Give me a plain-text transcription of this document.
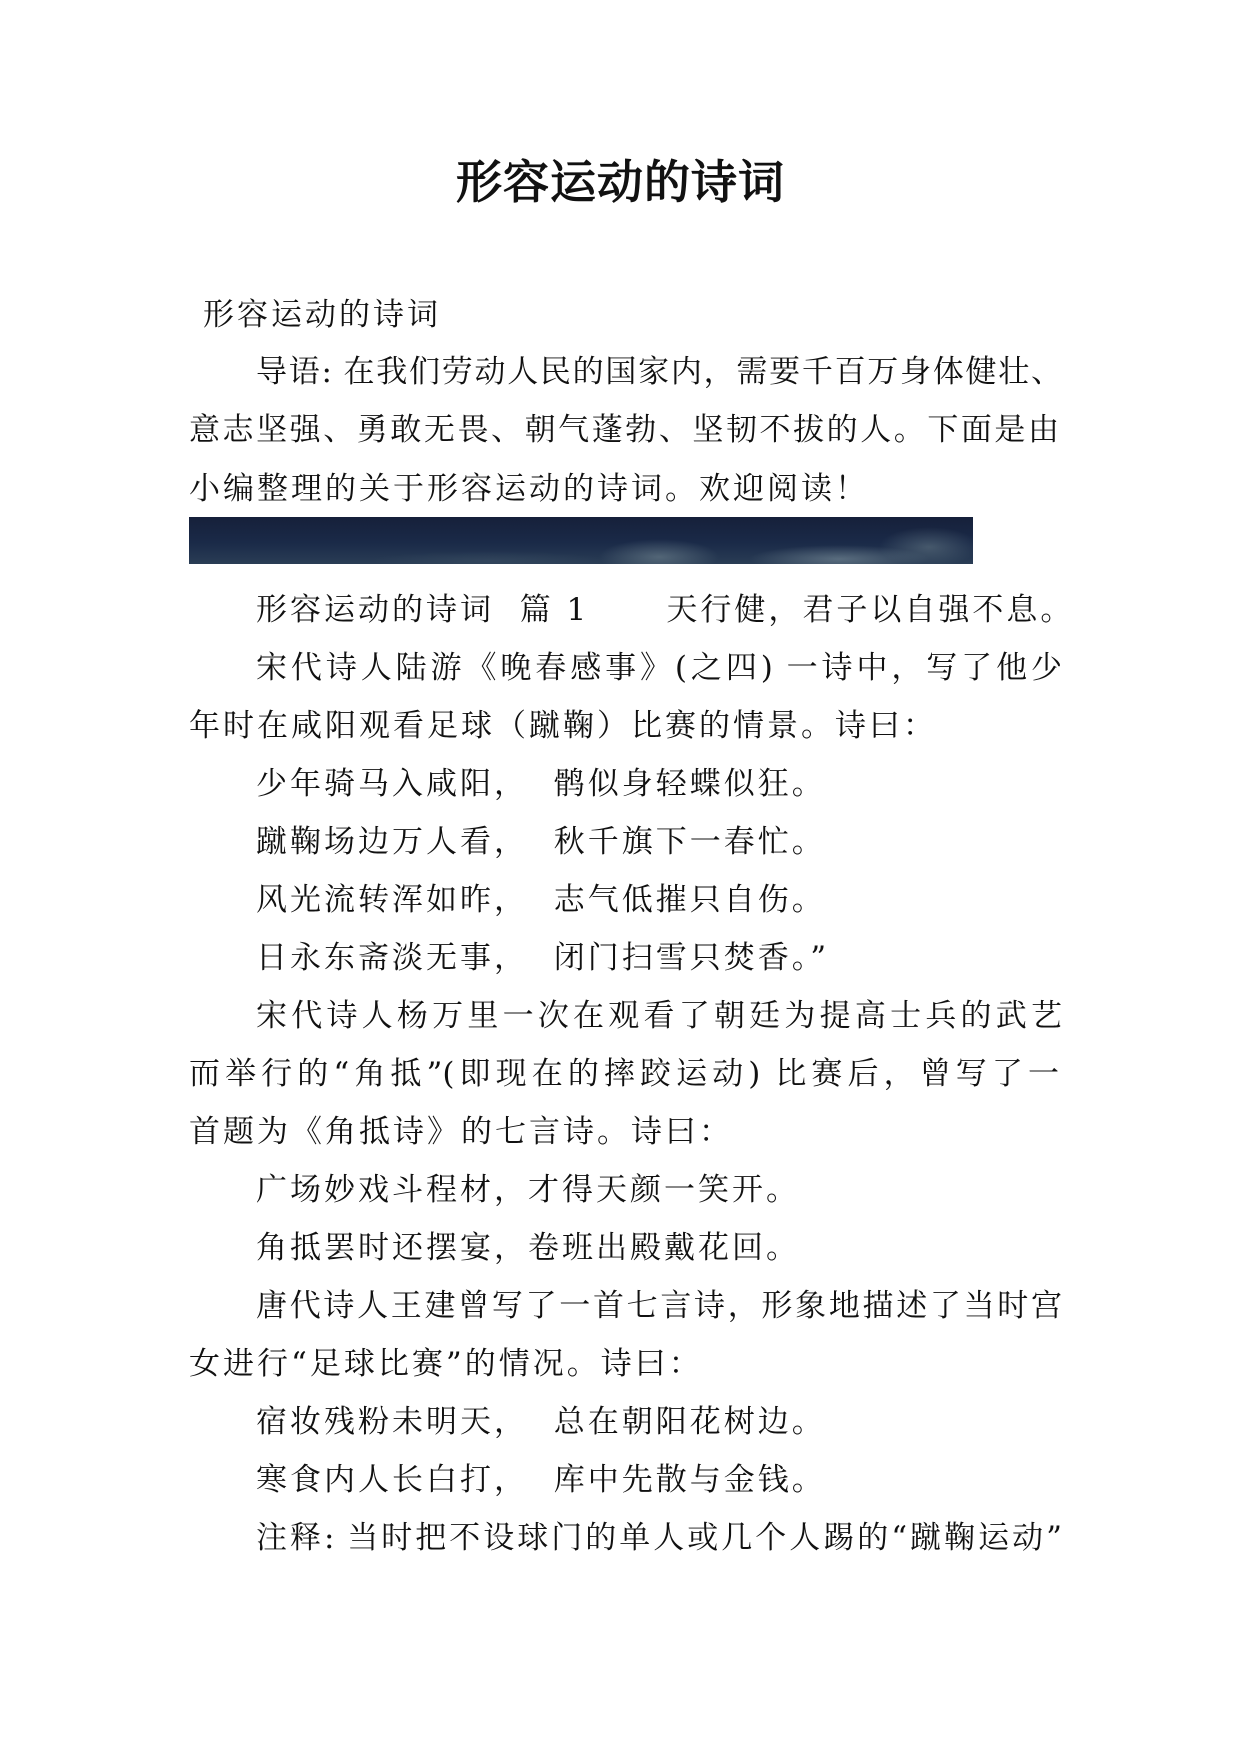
形容运动的诗词
形容运动的诗词
导语: 在我们劳动人民的国家内，需要千百万身体健壮、
意志坚强、勇敢无畏、朝气蓬勃、坚韧不拔的人。下面是由
小编整理的关于形容运动的诗词。欢迎阅读！
形容运动的诗词  篇 1      天行健，君子以自强不息。
宋代诗人陆游《晚春感事》(之四) 一诗中，写了他少
年时在咸阳观看足球（蹴鞠）比赛的情景。诗曰：
少年骑马入咸阳，  鹘似身轻蝶似狂。
蹴鞠场边万人看，  秋千旗下一春忙。
风光流转浑如昨，  志气低摧只自伤。
日永东斋淡无事，  闭门扫雪只焚香。”
宋代诗人杨万里一次在观看了朝廷为提高士兵的武艺
而举行的“角抵”(即现在的摔跤运动) 比赛后，曾写了一
首题为《角抵诗》的七言诗。诗曰：
广场妙戏斗程材，才得天颜一笑开。
角抵罢时还摆宴，卷班出殿戴花回。
唐代诗人王建曾写了一首七言诗，形象地描述了当时宫
女进行“足球比赛”的情况。诗曰：
宿妆残粉未明天，  总在朝阳花树边。
寒食内人长白打，  库中先散与金钱。
注释: 当时把不设球门的单人或几个人踢的“蹴鞠运动”
